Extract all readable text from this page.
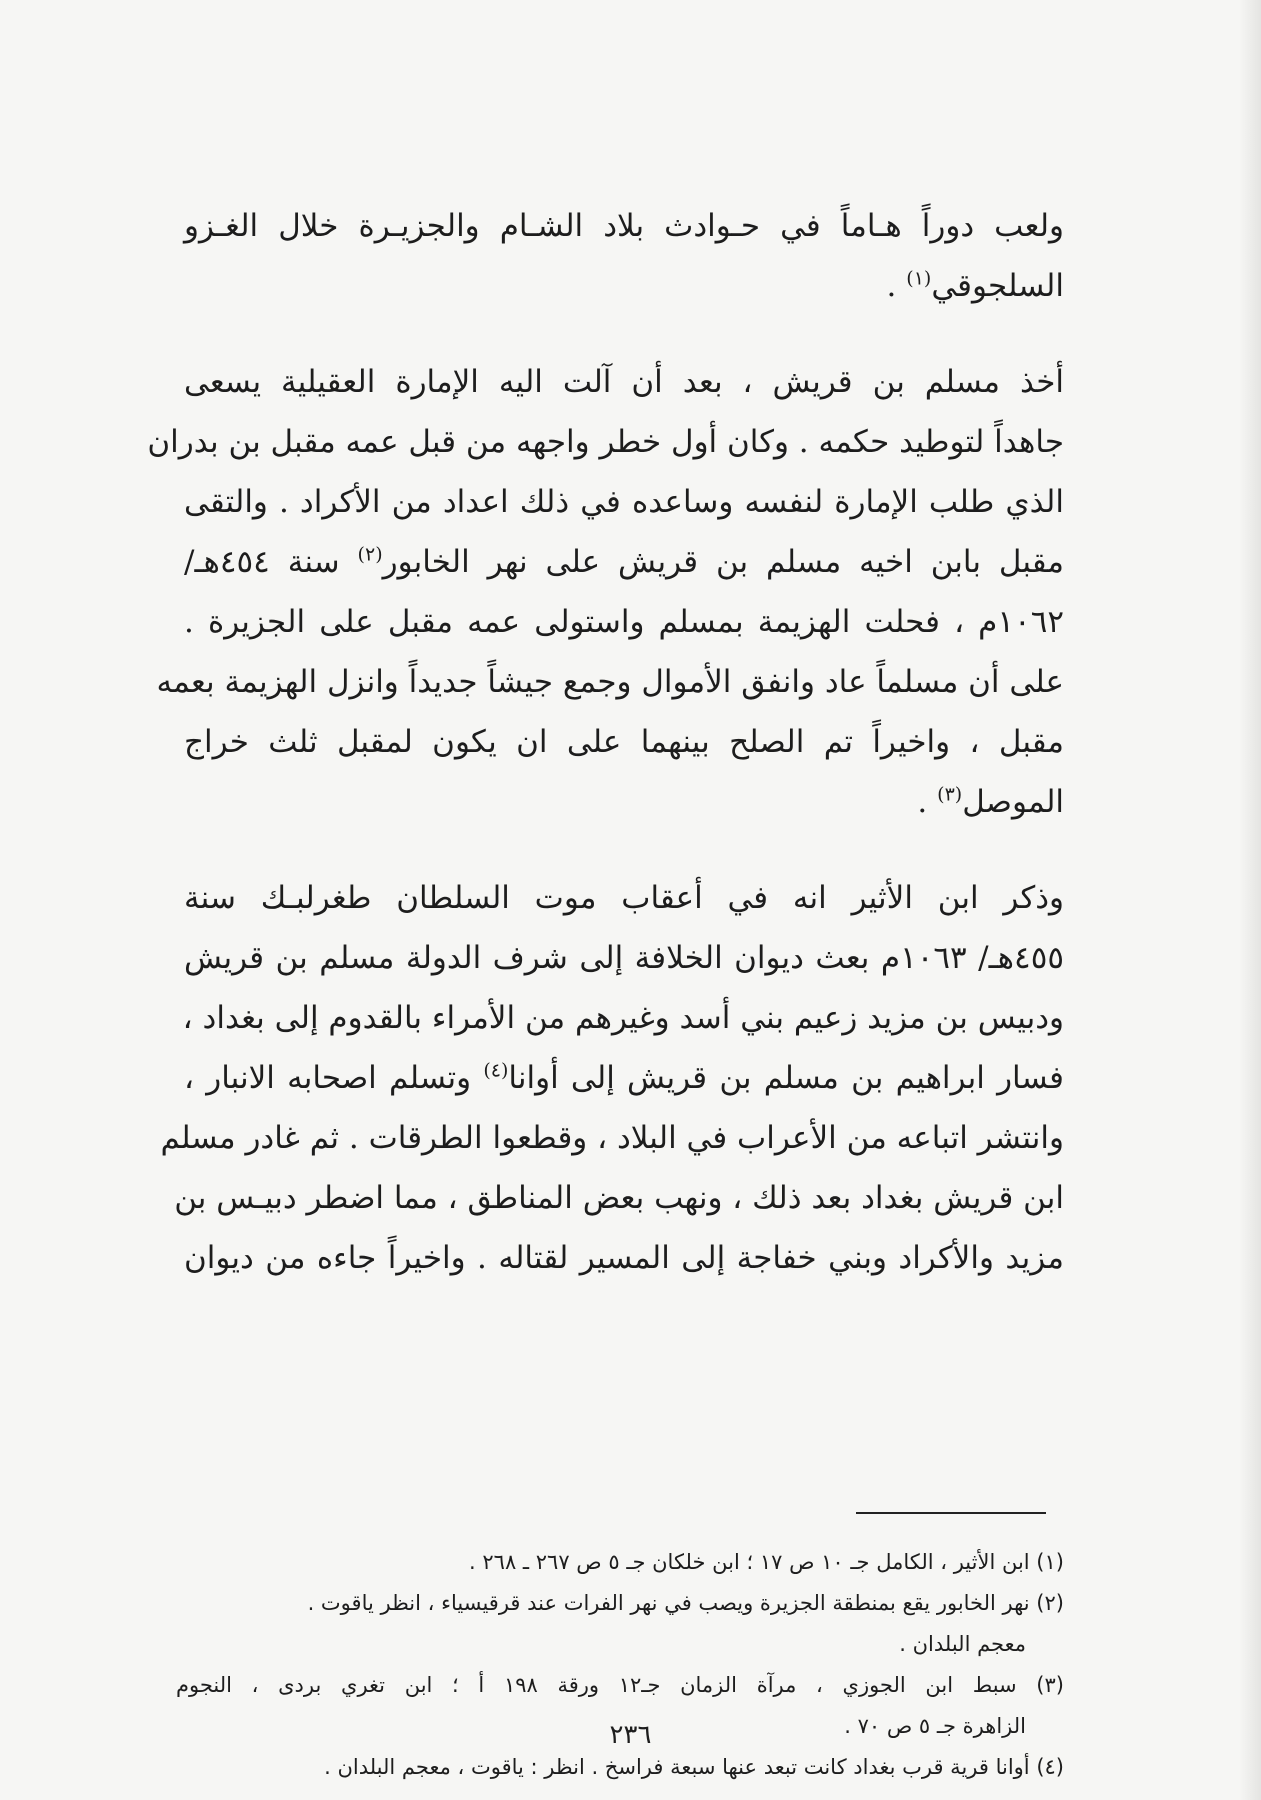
ولعب دوراً هـاماً في حـوادث بلاد الشـام والجزيـرة خلال الغـزو
السلجوقي$^{(١)}$ .
أخذ مسلم بن قريش ، بعد أن آلت اليه الإمارة العقيلية يسعى
جاهداً لتوطيد حكمه . وكان أول خطر واجهه من قبل عمه مقبل بن بدران
الذي طلب الإمارة لنفسه وساعده في ذلك اعداد من الأكراد . والتقى
مقبل بابن اخيه مسلم بن قريش على نهر الخابور$^{(٢)}$ سنة ٤٥٤هـ/
١٠٦٢م ، فحلت الهزيمة بمسلم واستولى عمه مقبل على الجزيرة .
على أن مسلماً عاد وانفق الأموال وجمع جيشاً جديداً وانزل الهزيمة بعمه
مقبل ، واخيراً تم الصلح بينهما على ان يكون لمقبل ثلث خراج
الموصل$^{(٣)}$ .
وذكر ابن الأثير انه في أعقاب موت السلطان طغرلبـك سنة
٤٥٥هـ/ ١٠٦٣م بعث ديوان الخلافة إلى شرف الدولة مسلم بن قريش
ودبيس بن مزيد زعيم بني أسد وغيرهم من الأمراء بالقدوم إلى بغداد ،
فسار ابراهيم بن مسلم بن قريش إلى أوانا$^{(٤)}$ وتسلم اصحابه الانبار ،
وانتشر اتباعه من الأعراب في البلاد ، وقطعوا الطرقات . ثم غادر مسلم
ابن قريش بغداد بعد ذلك ، ونهب بعض المناطق ، مما اضطر دبيـس بن
مزيد والأكراد وبني خفاجة إلى المسير لقتاله . واخيراً جاءه من ديوان
(١) ابن الأثير ، الكامل جـ ١٠ ص ١٧ ؛ ابن خلكان جـ ٥ ص ٢٦٧ ـ ٢٦٨ .
(٢) نهر الخابور يقع بمنطقة الجزيرة ويصب في نهر الفرات عند قرقيسياء ، انظر ياقوت .
معجم البلدان .
(٣) سبط ابن الجوزي ، مرآة الزمان جـ١٢ ورقة ١٩٨ أ ؛ ابن تغري بردى ، النجوم
الزاهرة جـ ٥ ص ٧٠ .
(٤) أوانا قرية قرب بغداد كانت تبعد عنها سبعة فراسخ . انظر : ياقوت ، معجم البلدان .
٢٣٦
